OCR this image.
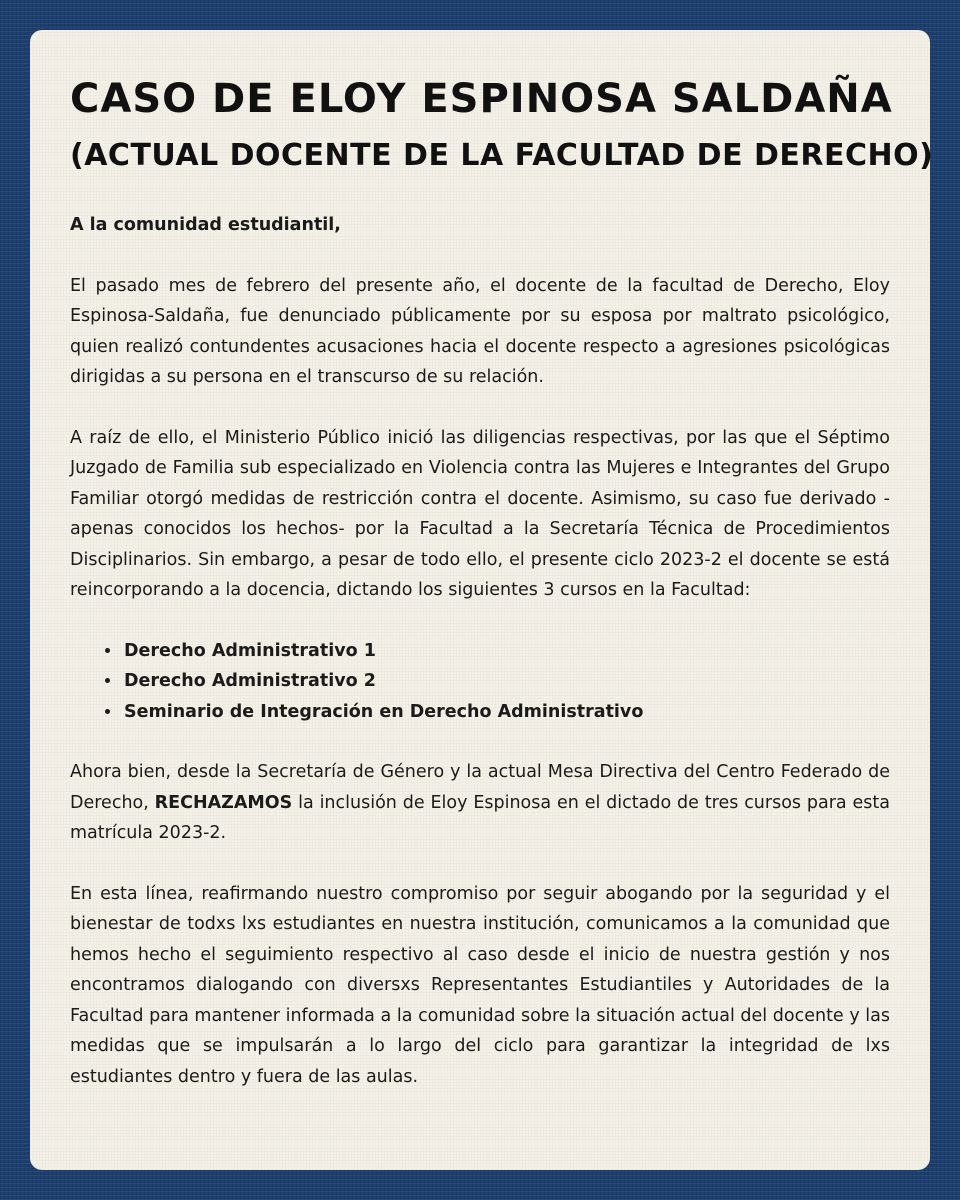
CASO DE ELOY ESPINOSA SALDAÑA
(ACTUAL DOCENTE DE LA FACULTAD DE DERECHO)

A la comunidad estudiantil,

El pasado mes de febrero del presente año, el docente de la facultad de Derecho, Eloy Espinosa-Saldaña, fue denunciado públicamente por su esposa por maltrato psicológico, quien realizó contundentes acusaciones hacia el docente respecto a agresiones psicológicas dirigidas a su persona en el transcurso de su relación.

A raíz de ello, el Ministerio Público inició las diligencias respectivas, por las que el Séptimo Juzgado de Familia sub especializado en Violencia contra las Mujeres e Integrantes del Grupo Familiar otorgó medidas de restricción contra el docente. Asimismo, su caso fue derivado -apenas conocidos los hechos- por la Facultad a la Secretaría Técnica de Procedimientos Disciplinarios. Sin embargo, a pesar de todo ello, el presente ciclo 2023-2 el docente se está reincorporando a la docencia, dictando los siguientes 3 cursos en la Facultad:

• Derecho Administrativo 1
• Derecho Administrativo 2
• Seminario de Integración en Derecho Administrativo

Ahora bien, desde la Secretaría de Género y la actual Mesa Directiva del Centro Federado de Derecho, RECHAZAMOS la inclusión de Eloy Espinosa en el dictado de tres cursos para esta matrícula 2023-2.

En esta línea, reafirmando nuestro compromiso por seguir abogando por la seguridad y el bienestar de todxs lxs estudiantes en nuestra institución, comunicamos a la comunidad que hemos hecho el seguimiento respectivo al caso desde el inicio de nuestra gestión y nos encontramos dialogando con diversxs Representantes Estudiantiles y Autoridades de la Facultad para mantener informada a la comunidad sobre la situación actual del docente y las medidas que se impulsarán a lo largo del ciclo para garantizar la integridad de lxs estudiantes dentro y fuera de las aulas.
